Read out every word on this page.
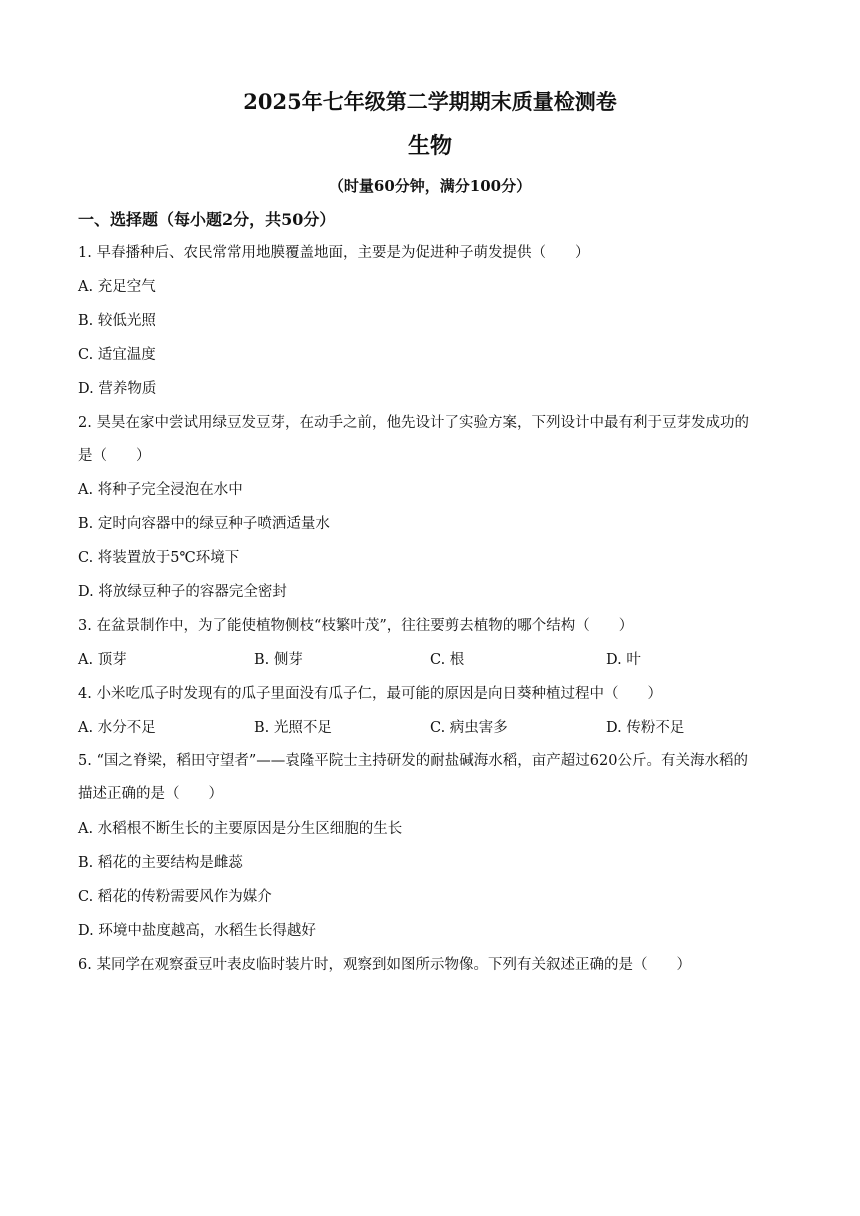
2025年七年级第二学期期末质量检测卷
生物
（时量60分钟，满分100分）
一、选择题（每小题2分，共50分）
1. 早春播种后、农民常常用地膜覆盖地面，主要是为促进种子萌发提供（　　）
A. 充足空气
B. 较低光照
C. 适宜温度
D. 营养物质
2. 昊昊在家中尝试用绿豆发豆芽，在动手之前，他先设计了实验方案，下列设计中最有利于豆芽发成功的
是（　　）
A. 将种子完全浸泡在水中
B. 定时向容器中的绿豆种子喷洒适量水
C. 将装置放于5℃环境下
D. 将放绿豆种子的容器完全密封
3. 在盆景制作中，为了能使植物侧枝“枝繁叶茂”，往往要剪去植物的哪个结构（　　）
A. 顶芽	B. 侧芽	C. 根	D. 叶
4. 小米吃瓜子时发现有的瓜子里面没有瓜子仁，最可能的原因是向日葵种植过程中（　　）
A. 水分不足	B. 光照不足	C. 病虫害多	D. 传粉不足
5. “国之脊梁，稻田守望者”——袁隆平院士主持研发的耐盐碱海水稻，亩产超过620公斤。有关海水稻的
描述正确的是（　　）
A. 水稻根不断生长的主要原因是分生区细胞的生长
B. 稻花的主要结构是雌蕊
C. 稻花的传粉需要风作为媒介
D. 环境中盐度越高，水稻生长得越好
6. 某同学在观察蚕豆叶表皮临时装片时，观察到如图所示物像。下列有关叙述正确的是（　　）
